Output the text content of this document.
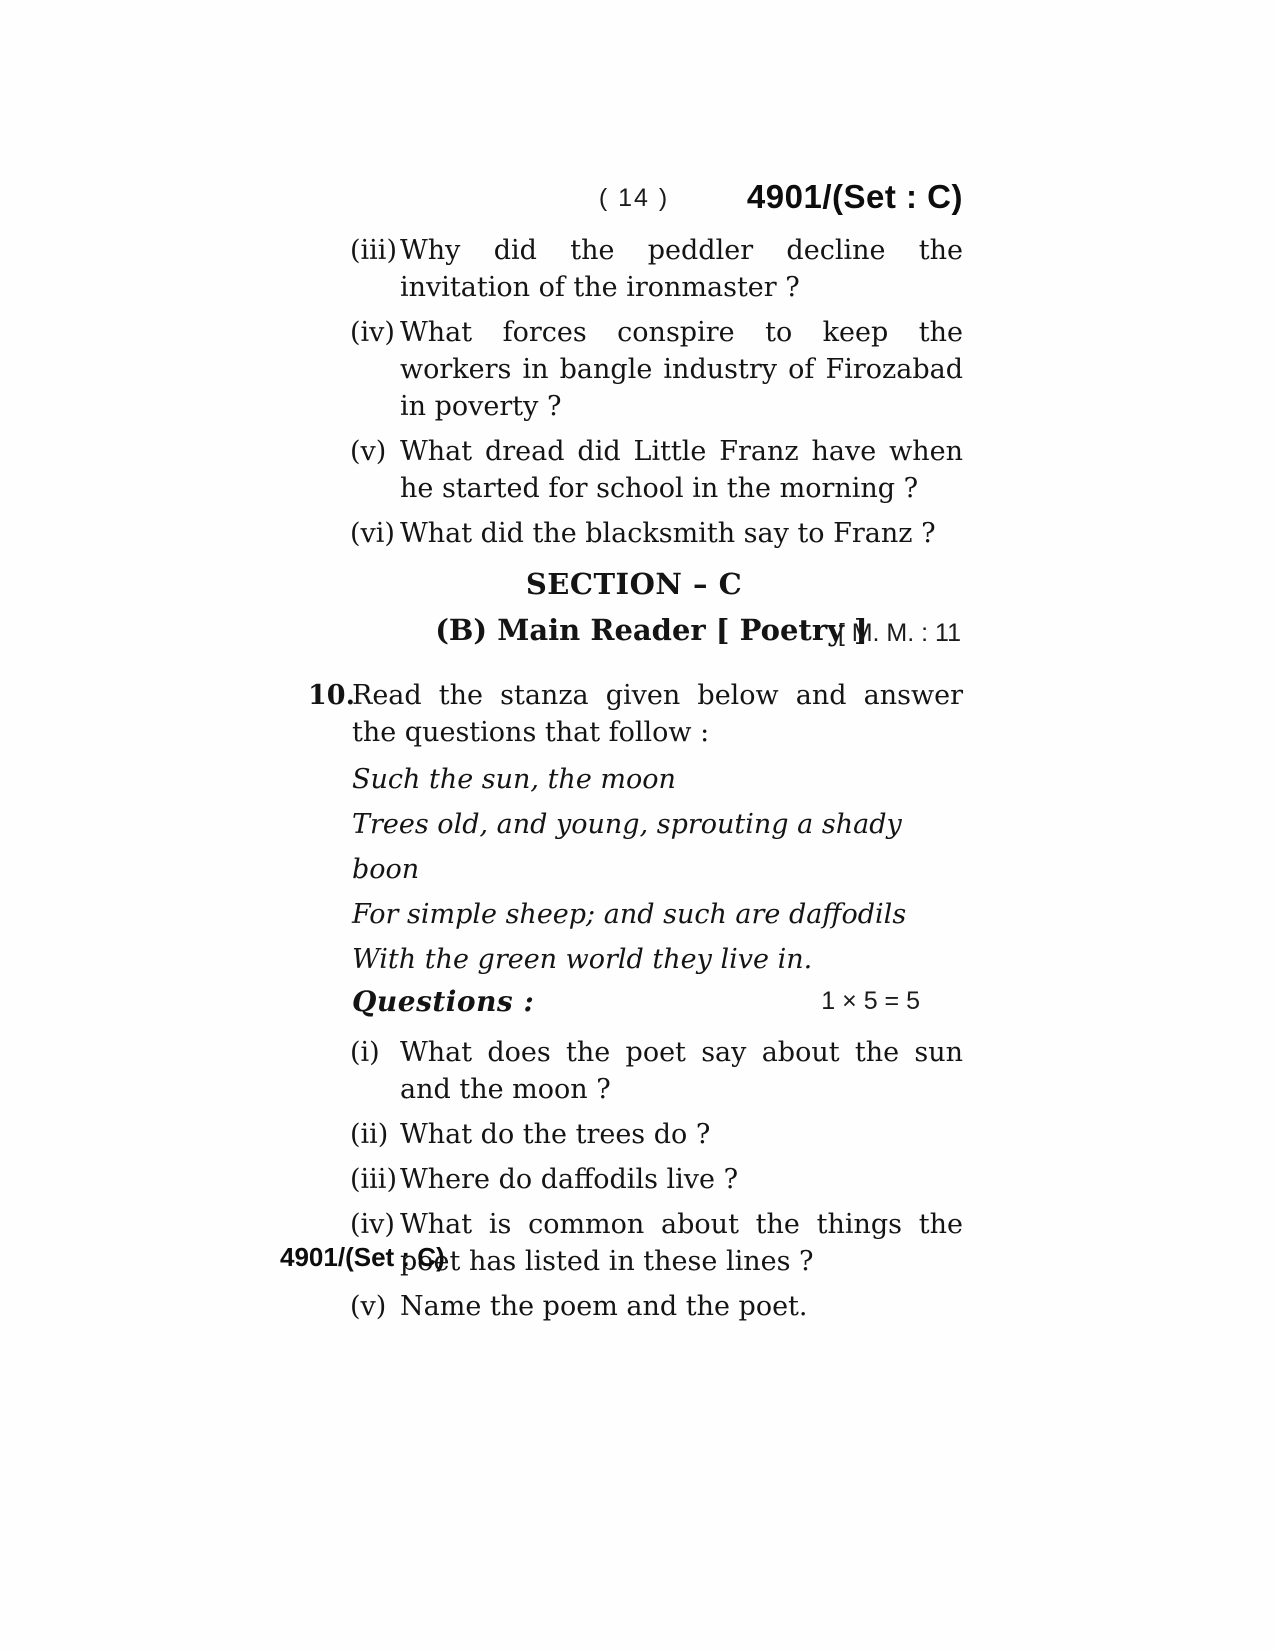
( 14 ) 4901/(Set : C)
(iii) Why did the peddler decline the invitation of the ironmaster ?
(iv) What forces conspire to keep the workers in bangle industry of Firozabad in poverty ?
(v) What dread did Little Franz have when he started for school in the morning ?
(vi) What did the blacksmith say to Franz ?
SECTION – C
(B) Main Reader [ Poetry ]
[ M. M. : 11
10.
Read the stanza given below and answer the questions that follow :
Such the sun, the moon
Trees old, and young, sprouting a shady boon
For simple sheep; and such are daffodils
With the green world they live in.
Questions :	1 × 5 = 5
(i) What does the poet say about the sun and the moon ?
(ii) What do the trees do ?
(iii) Where do daffodils live ?
(iv) What is common about the things the poet has listed in these lines ?
(v) Name the poem and the poet.
4901/(Set : C)
